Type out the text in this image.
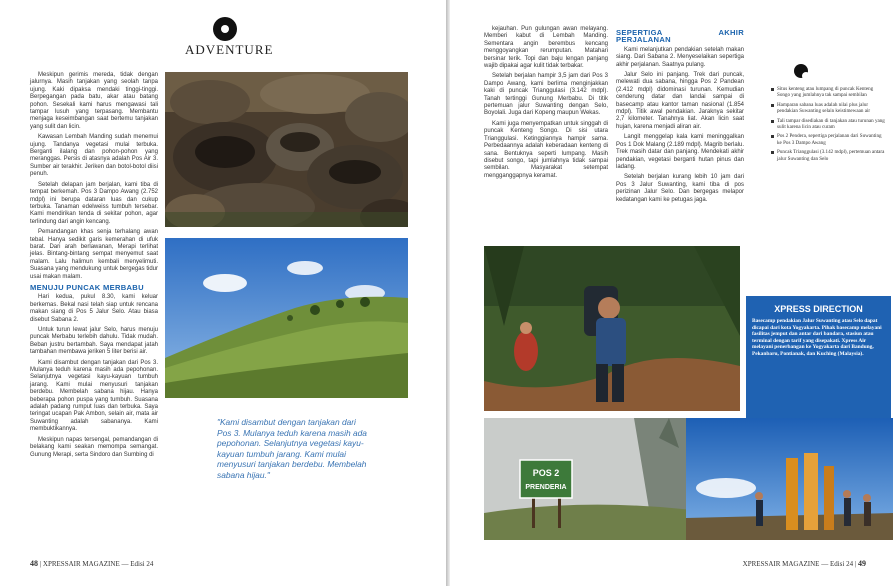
ADVENTURE

Meskipun gerimis mereda, tidak dengan jalurnya. Masih tanjakan yang seolah tanpa ujung. Kaki dipaksa mendaki tinggi-tinggi. Berpegangan pada batu, akar atau batang pohon. Sesekali kami harus mengawasi tali tampar lusuh yang terpasang. Membantu menjaga keseimbangan saat bertemu tanjakan yang sulit dan licin.

Kawasan Lembah Manding sudah menemui ujung. Tandanya vegetasi mulai terbuka. Berganti ilalang dan pohon-pohon yang meranggas. Persis di atasnya adalah Pos Air 3. Sumber air terakhir. Jeriken dan botol-botol diisi penuh.

Setelah delapan jam berjalan, kami tiba di tempat berkemah. Pos 3 Dampo Awang (2.752 mdpl) ini berupa dataran luas dan cukup terbuka. Tanaman edelweiss tumbuh tersebar. Kami mendirikan tenda di sekitar pohon, agar terlindung dari angin kencang.

Pemandangan khas senja terhalang awan tebal. Hanya sedikit garis kemerahan di ufuk barat. Dari arah berlawanan, Merapi terlihat jelas. Bintang-bintang sempat menyemut saat malam. Lalu halimun kembali menyelimuti. Suasana yang mendukung untuk bergegas tidur usai makan malam.

MENUJU PUNCAK MERBABU

Hari kedua, pukul 8.30, kami keluar berkemas. Bekal nasi telah siap untuk rencana makan siang di Pos 5 Jalur Selo. Atau biasa disebut Sabana 2.

Untuk turun lewat jalur Selo, harus menuju puncak Merbabu terlebih dahulu. Tidak mudah. Beban justru bertambah. Saya mendapat jatah tambahan membawa jeriken 5 liter berisi air.

Kami disambut dengan tanjakan dari Pos 3. Mulanya teduh karena masih ada pepohonan. Selanjutnya vegetasi kayu-kayuan tumbuh jarang. Kami mulai menyusuri tanjakan berdebu. Membelah sabana hijau. Hanya beberapa pohon puspa yang tumbuh. Suasana adalah padang rumput luas dan terbuka. Saya teringat ucapan Pak Ambon, selain air, mata air Suwanting adalah sabananya. Kami membuktikannya.

Meskipun napas tersengal, pemandangan di belakang kami seakan memompa semangat. Gunung Merapi, serta Sindoro dan Sumbing di

"Kami disambut dengan tanjakan dari Pos 3. Mulanya teduh karena masih ada pepohonan. Selanjutnya vegetasi kayu-kayuan tumbuh jarang. Kami mulai menyusuri tanjakan berdebu. Membelah sabana hijau."
48 | XPRESSAIR MAGAZINE — Edisi 24

kejauhan. Pun gulungan awan melayang. Memberi kabut di Lembah Manding. Sementara angin berembus kencang menggoyangkan rerumputan. Matahari bersinar terik. Topi dan baju lengan panjang wajib dipakai agar kulit tidak terbakar.

Setelah berjalan hampir 3,5 jam dari Pos 3 Dampo Awang, kami berlima menginjakkan kaki di puncak Trianggulasi (3.142 mdpl). Tanah tertinggi Gunung Merbabu. Di titik pertemuan jalur Suwanting dengan Selo, Boyolali. Juga dari Kopeng maupun Wekas.

Kami juga menyempatkan untuk singgah di puncak Kenteng Songo. Di sisi utara Trianggulasi. Ketinggiannya hampir sama. Perbedaannya adalah keberadaan kenteng di sana. Bentuknya seperti lumpang. Masih disebut songo, tapi jumlahnya tidak sampai sembilan. Masyarakat setempat mengganggapnya keramat.

SEPERTIGA AKHIR PERJALANAN

Kami melanjutkan pendakian setelah makan siang. Dari Sabana 2. Menyeselaikan sepertiga akhir perjalanan. Saatnya pulang.

Jalur Selo ini panjang. Trek dari puncak, melewati dua sabana, hingga Pos 2 Pandean (2.412 mdpl) didominasi turunan. Kemudian cenderung datar dan landai sampai di basecamp atau kantor taman nasional (1.854 mdpl). Titik awal pendakian. Jaraknya sekitar 2,7 kilometer. Tanahnya liat. Akan licin saat hujan, karena menjadi aliran air.

Langit menggelap kala kami meninggalkan Pos 1 Dok Malang (2.189 mdpl). Magrib berlalu. Trek masih datar dan panjang. Mendekati akhir pendakian, vegetasi berganti hutan pinus dan ladang.

Setelah berjalan kurang lebih 10 jam dari Pos 3 Jalur Suwanting, kami tiba di pos perizinan Jalur Selo. Dan bergegas melapor kedatangan kami ke petugas jaga.

Situs kenteng atau lumpang di puncak Kenteng Songo yang jumlahnya tak sampai sembilan
Hamparan sabana luas adalah nilai plus jalur pendakian Suwanting selain keistimewaan air
Tali tampar disediakan di tanjakan atau turunan yang sulit karena licin atau curam
Pos 2 Pendera, sepertiga perjalanan dari Suwanting ke Pos 3 Dampo Awang
Puncak Trianggulasi (3.142 mdpl), pertemuan antara jalur Suwanting dan Selo
XPRESS DIRECTION
Basecamp pendakian Jalur Suwanting atau Selo dapat dicapai dari kota Yogyakarta. Pihak basecamp melayani fasilitas jemput dan antar dari bandara, stasiun atau terminal dengan tarif yang disepakati. Xpress Air melayani penerbangan ke Yogyakarta dari Bandung, Pekanbaru, Pontianak, dan Kuching (Malaysia).
POS 2
PRENDERIA
XPRESSAIR MAGAZINE — Edisi 24 | 49
